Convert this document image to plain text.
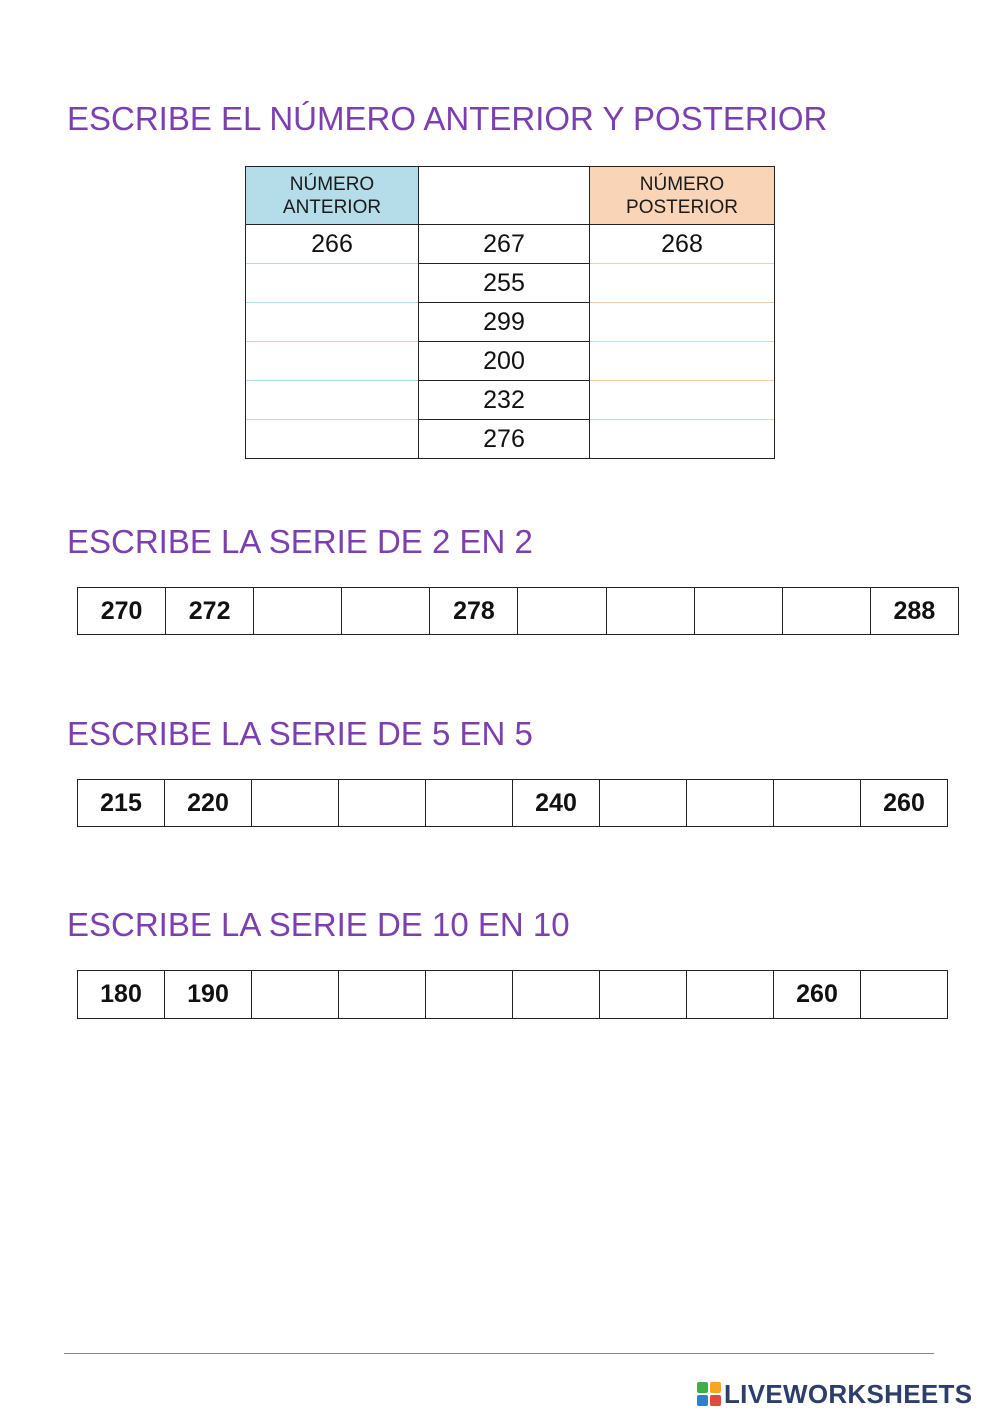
ESCRIBE EL NÚMERO ANTERIOR Y POSTERIOR
NÚMERO
ANTERIOR		NÚMERO
POSTERIOR
266	267	268
	255	
	299	
	200	
	232	
	276	
ESCRIBE LA SERIE DE 2 EN 2
270	272	278	288
ESCRIBE LA SERIE DE 5 EN 5
215	220	240	260
ESCRIBE LA SERIE DE 10 EN 10
180	190	260
LIVEWORKSHEETS
